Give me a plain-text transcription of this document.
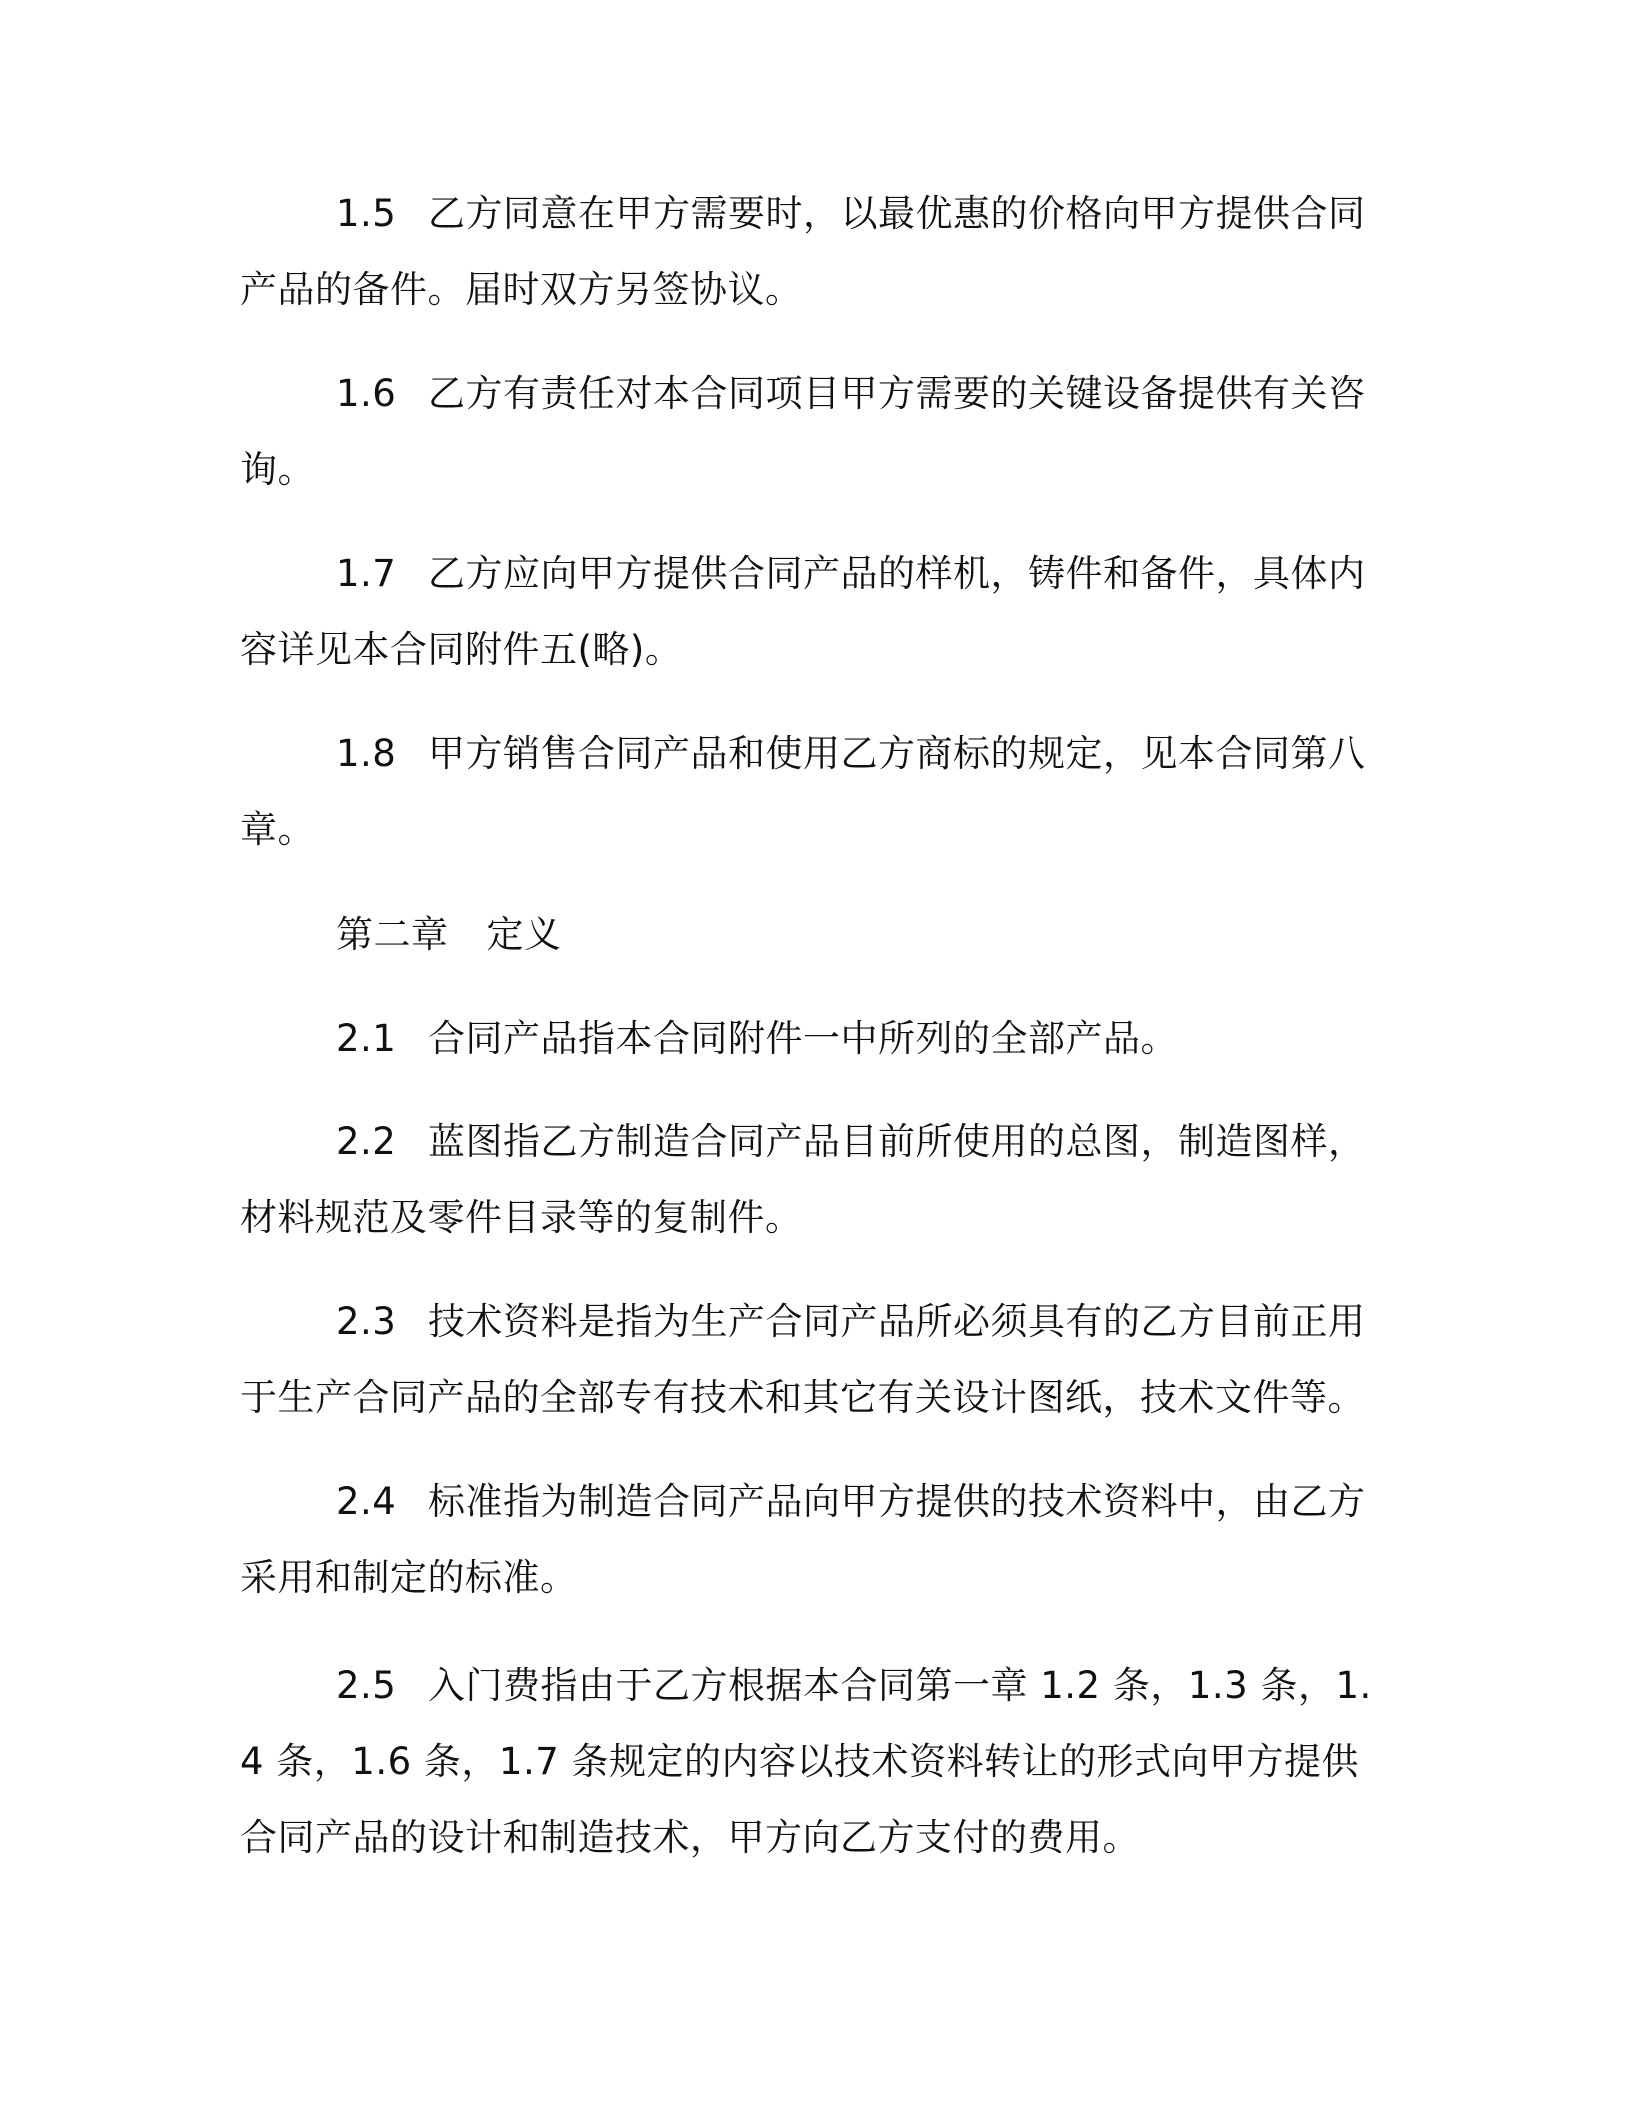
1.5 乙方同意在甲方需要时，以最优惠的价格向甲方提供合同产品的备件。届时双方另签协议。

1.6 乙方有责任对本合同项目甲方需要的关键设备提供有关咨询。

1.7 乙方应向甲方提供合同产品的样机，铸件和备件，具体内容详见本合同附件五(略)。

1.8 甲方销售合同产品和使用乙方商标的规定，见本合同第八章。

第二章 定义

2.1 合同产品指本合同附件一中所列的全部产品。

2.2 蓝图指乙方制造合同产品目前所使用的总图，制造图样，材料规范及零件目录等的复制件。

2.3 技术资料是指为生产合同产品所必须具有的乙方目前正用于生产合同产品的全部专有技术和其它有关设计图纸，技术文件等。

2.4 标准指为制造合同产品向甲方提供的技术资料中，由乙方采用和制定的标准。

2.5 入门费指由于乙方根据本合同第一章 1.2 条，1.3 条，1.4 条，1.6 条，1.7 条规定的内容以技术资料转让的形式向甲方提供合同产品的设计和制造技术，甲方向乙方支付的费用。
